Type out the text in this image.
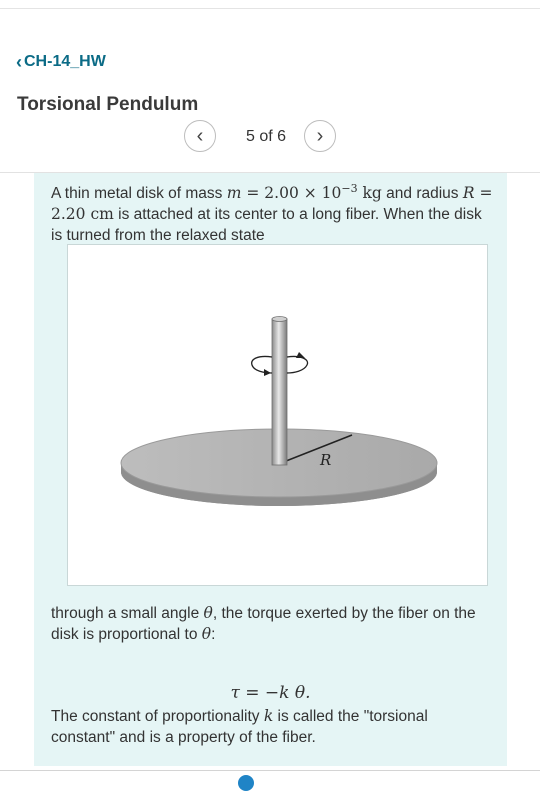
‹ CH-14_HW
Torsional Pendulum
‹	5 of 6	›
A thin metal disk of mass $m = 2.00 \times 10^{-3}$ kg and radius R = 2.20 cm is attached at its center to a long fiber. When the disk is turned from the relaxed state
R
through a small angle θ, the torque exerted by the fiber on the disk is proportional to θ:
τ = −k θ.
The constant of proportionality k is called the "torsional constant" and is a property of the fiber.
